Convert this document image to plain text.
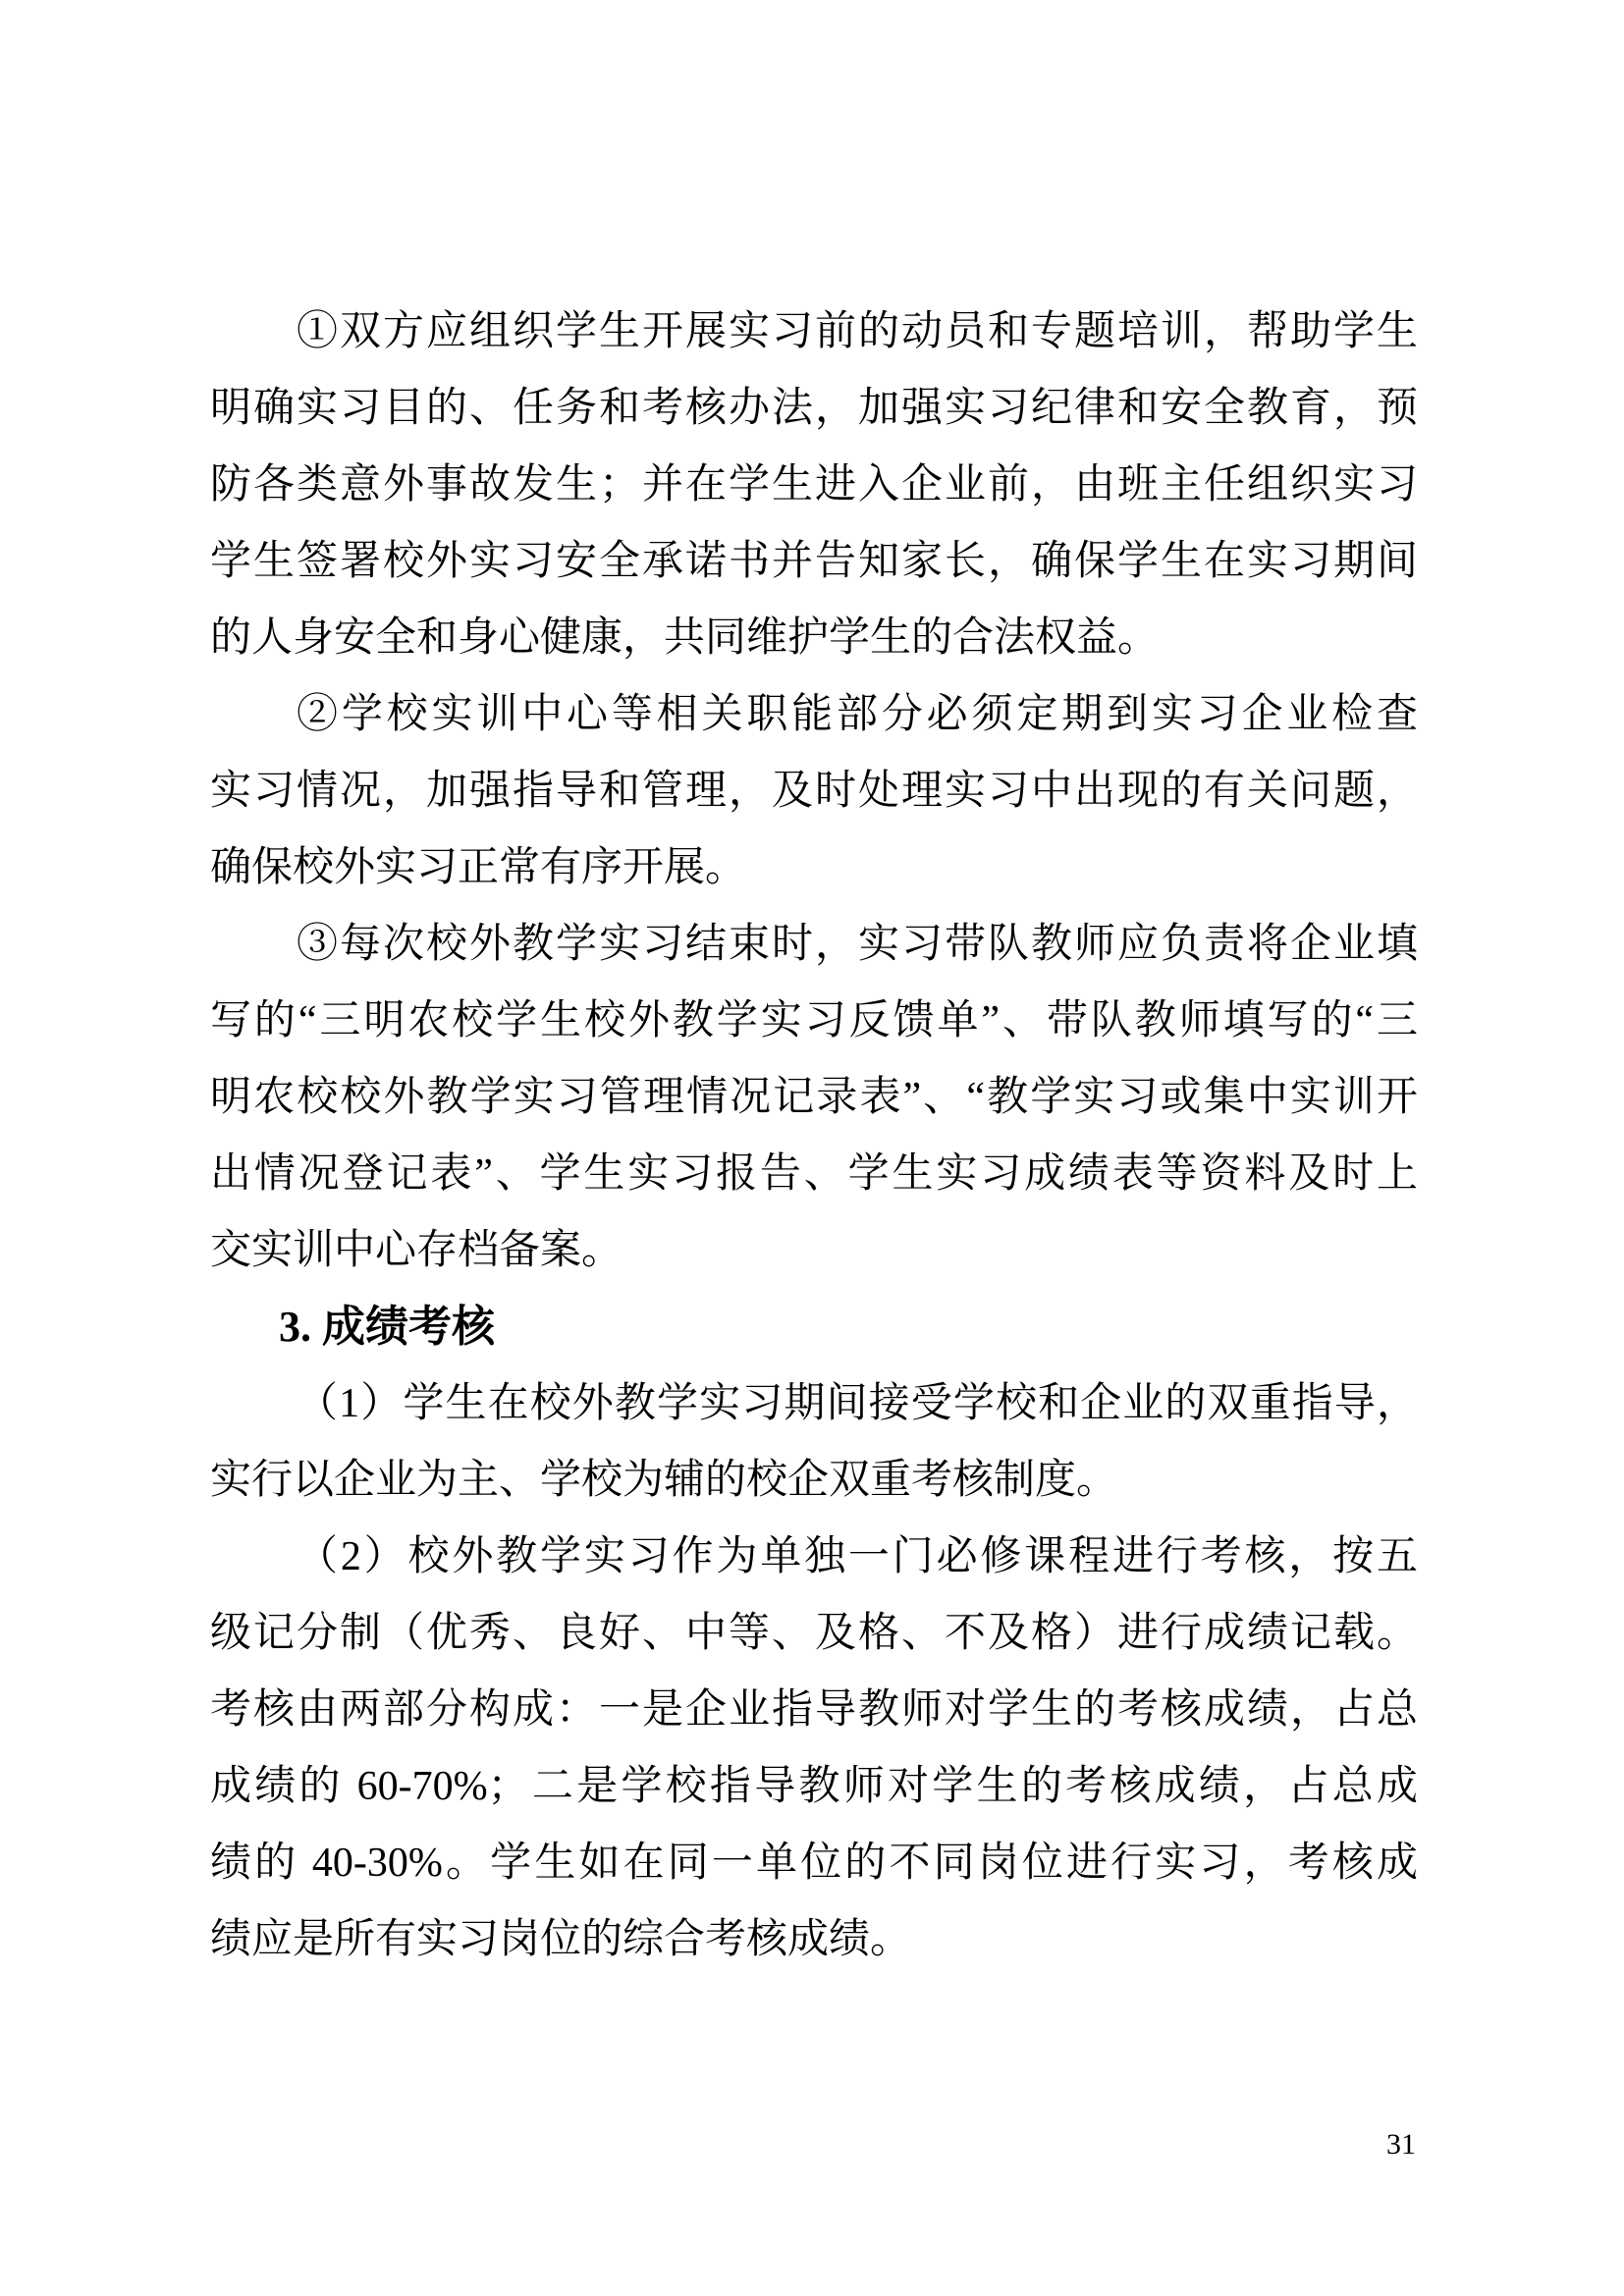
①双方应组织学生开展实习前的动员和专题培训，帮助学生
明确实习目的、任务和考核办法，加强实习纪律和安全教育，预
防各类意外事故发生；并在学生进入企业前，由班主任组织实习
学生签署校外实习安全承诺书并告知家长，确保学生在实习期间
的人身安全和身心健康，共同维护学生的合法权益。
②学校实训中心等相关职能部分必须定期到实习企业检查
实习情况，加强指导和管理，及时处理实习中出现的有关问题，
确保校外实习正常有序开展。
③每次校外教学实习结束时，实习带队教师应负责将企业填
写的“三明农校学生校外教学实习反馈单”、带队教师填写的“三
明农校校外教学实习管理情况记录表”、“教学实习或集中实训开
出情况登记表”、学生实习报告、学生实习成绩表等资料及时上
交实训中心存档备案。
3. 成绩考核
（1）学生在校外教学实习期间接受学校和企业的双重指导，
实行以企业为主、学校为辅的校企双重考核制度。
（2）校外教学实习作为单独一门必修课程进行考核，按五
级记分制（优秀、良好、中等、及格、不及格）进行成绩记载。
考核由两部分构成：一是企业指导教师对学生的考核成绩，占总
成绩的 60-70%；二是学校指导教师对学生的考核成绩，占总成
绩的 40-30%。学生如在同一单位的不同岗位进行实习，考核成
绩应是所有实习岗位的综合考核成绩。
31
